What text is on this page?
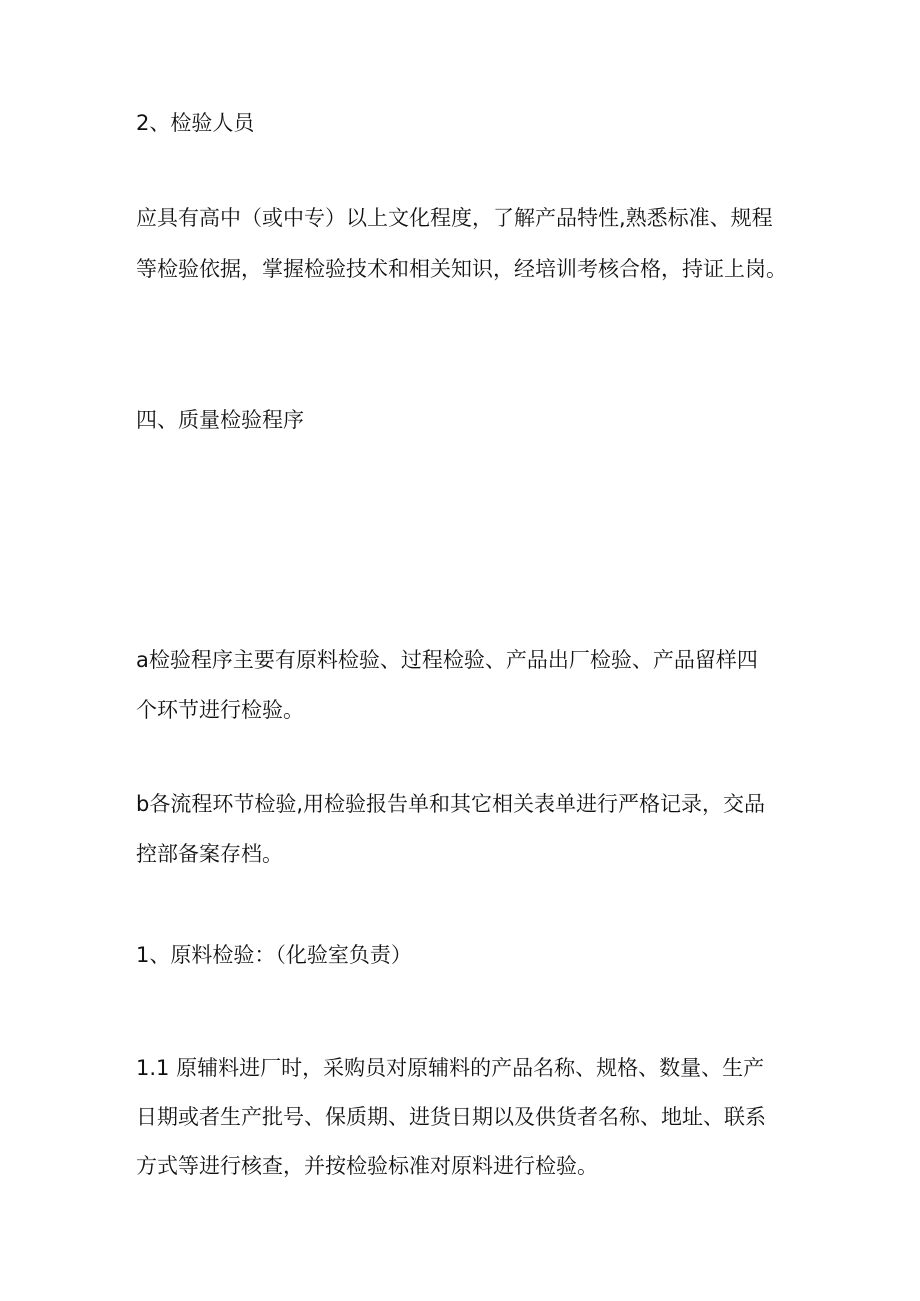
2、检验人员

应具有高中（或中专）以上文化程度，了解产品特性,熟悉标准、规程

等检验依据，掌握检验技术和相关知识，经培训考核合格，持证上岗。

四、质量检验程序

a检验程序主要有原料检验、过程检验、产品出厂检验、产品留样四

个环节进行检验。

b各流程环节检验,用检验报告单和其它相关表单进行严格记录，交品

控部备案存档。

1、原料检验：（化验室负责）

1.1 原辅料进厂时，采购员对原辅料的产品名称、规格、数量、生产

日期或者生产批号、保质期、进货日期以及供货者名称、地址、联系

方式等进行核查，并按检验标准对原料进行检验。
